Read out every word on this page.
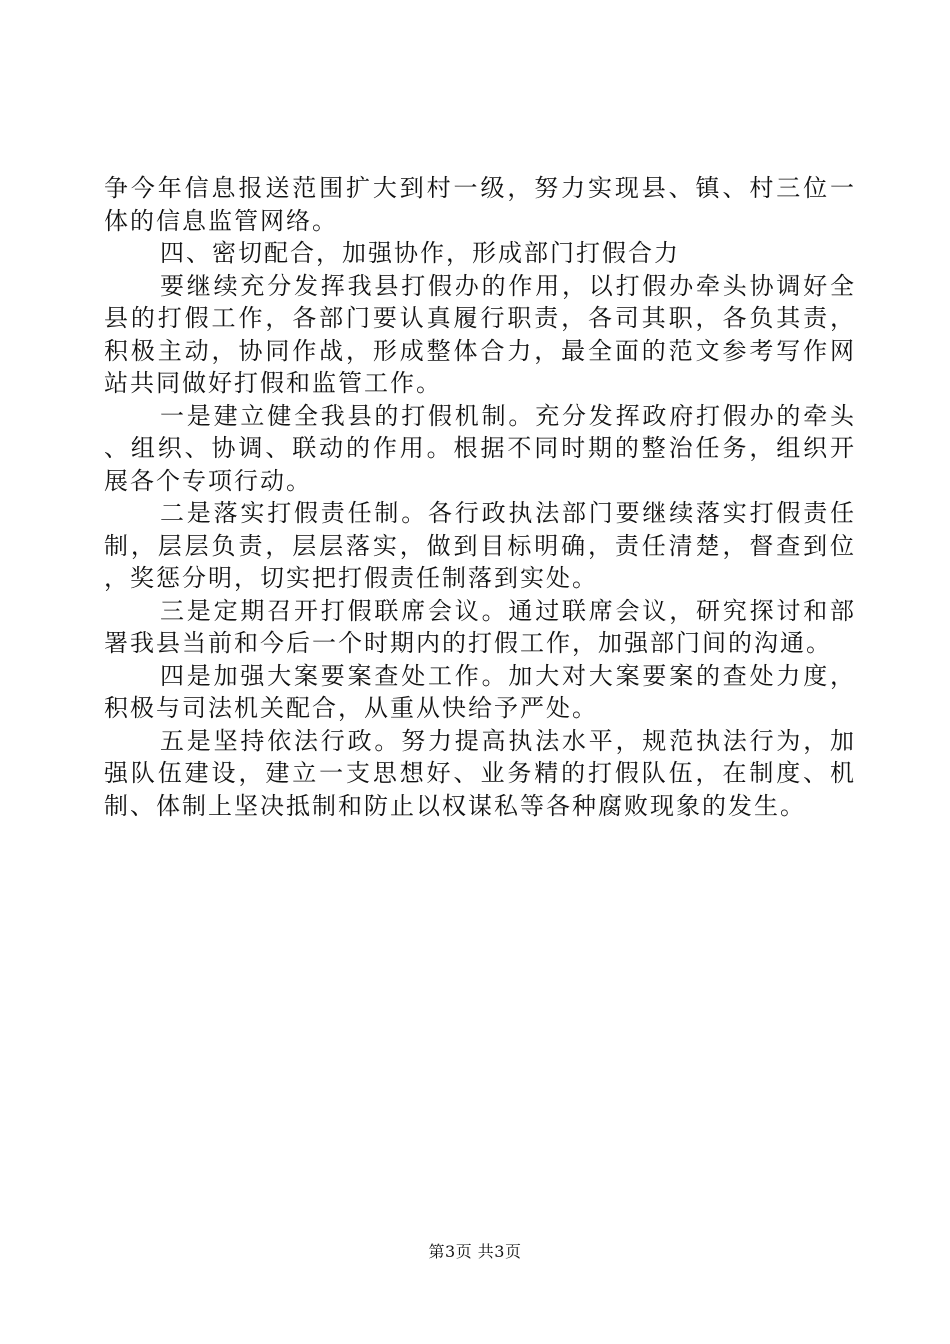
争今年信息报送范围扩大到村一级，努力实现县、镇、村三位一体的信息监管网络。

四、密切配合，加强协作，形成部门打假合力

要继续充分发挥我县打假办的作用，以打假办牵头协调好全县的打假工作，各部门要认真履行职责，各司其职，各负其责，积极主动，协同作战，形成整体合力，最全面的范文参考写作网站共同做好打假和监管工作。

一是建立健全我县的打假机制。充分发挥政府打假办的牵头、组织、协调、联动的作用。根据不同时期的整治任务，组织开展各个专项行动。

二是落实打假责任制。各行政执法部门要继续落实打假责任制，层层负责，层层落实，做到目标明确，责任清楚，督查到位，奖惩分明，切实把打假责任制落到实处。

三是定期召开打假联席会议。通过联席会议，研究探讨和部署我县当前和今后一个时期内的打假工作，加强部门间的沟通。

四是加强大案要案查处工作。加大对大案要案的查处力度，积极与司法机关配合，从重从快给予严处。

五是坚持依法行政。努力提高执法水平，规范执法行为，加强队伍建设，建立一支思想好、业务精的打假队伍，在制度、机制、体制上坚决抵制和防止以权谋私等各种腐败现象的发生。

第3页 共3页
